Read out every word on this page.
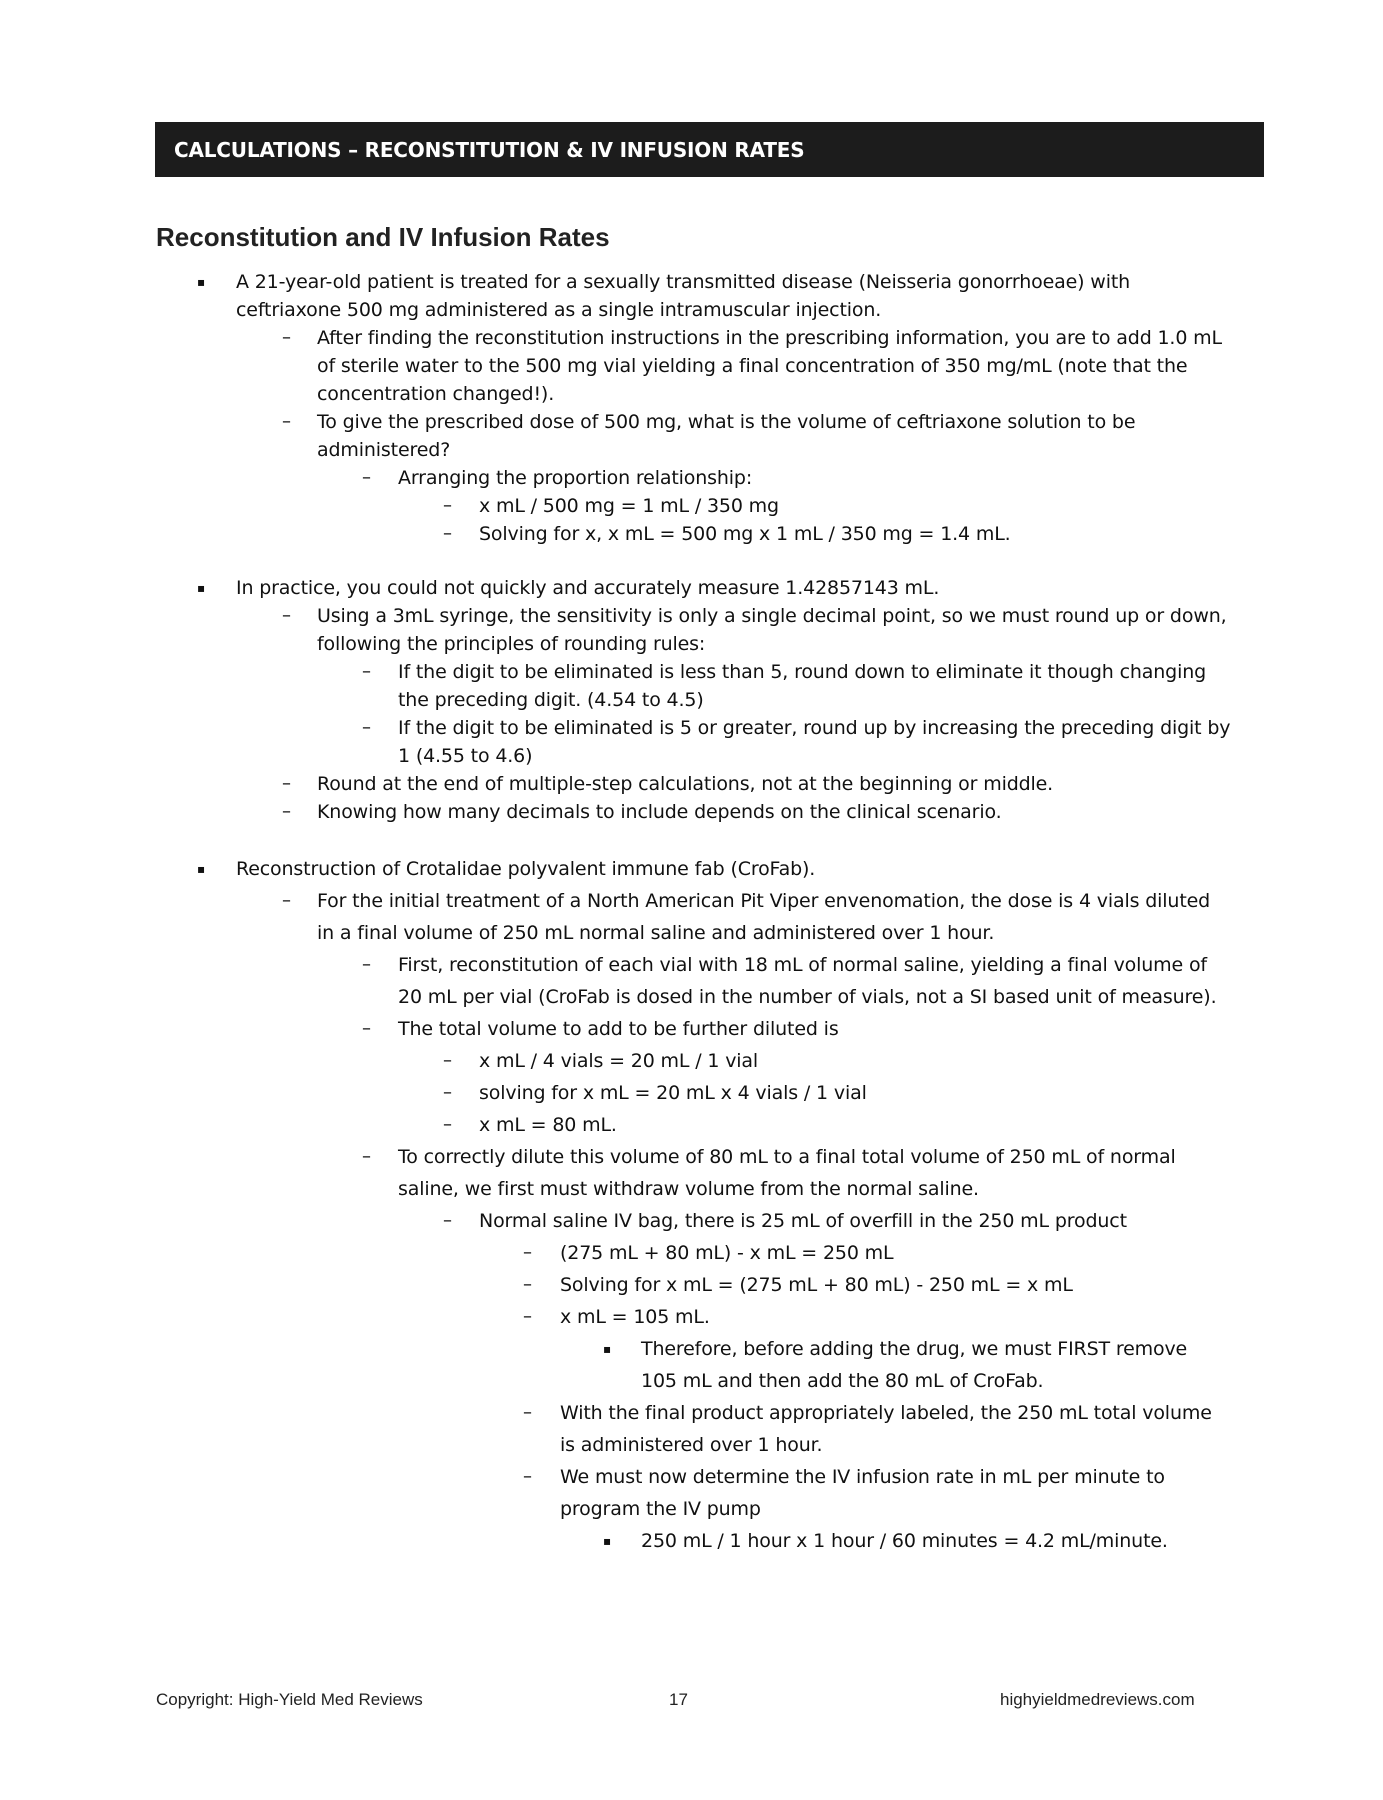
CALCULATIONS – RECONSTITUTION & IV INFUSION RATES
Reconstitution and IV Infusion Rates
▪ A 21-year-old patient is treated for a sexually transmitted disease (Neisseria gonorrhoeae) with
ceftriaxone 500 mg administered as a single intramuscular injection.
– After finding the reconstitution instructions in the prescribing information, you are to add 1.0 mL
of sterile water to the 500 mg vial yielding a final concentration of 350 mg/mL (note that the
concentration changed!).
– To give the prescribed dose of 500 mg, what is the volume of ceftriaxone solution to be
administered?
– Arranging the proportion relationship:
– x mL / 500 mg = 1 mL / 350 mg
– Solving for x, x mL = 500 mg x 1 mL / 350 mg = 1.4 mL.
▪ In practice, you could not quickly and accurately measure 1.42857143 mL.
– Using a 3mL syringe, the sensitivity is only a single decimal point, so we must round up or down,
following the principles of rounding rules:
– If the digit to be eliminated is less than 5, round down to eliminate it though changing
the preceding digit. (4.54 to 4.5)
– If the digit to be eliminated is 5 or greater, round up by increasing the preceding digit by
1 (4.55 to 4.6)
– Round at the end of multiple-step calculations, not at the beginning or middle.
– Knowing how many decimals to include depends on the clinical scenario.
▪ Reconstruction of Crotalidae polyvalent immune fab (CroFab).
– For the initial treatment of a North American Pit Viper envenomation, the dose is 4 vials diluted
in a final volume of 250 mL normal saline and administered over 1 hour.
– First, reconstitution of each vial with 18 mL of normal saline, yielding a final volume of
20 mL per vial (CroFab is dosed in the number of vials, not a SI based unit of measure).
– The total volume to add to be further diluted is
– x mL / 4 vials = 20 mL / 1 vial
– solving for x mL = 20 mL x 4 vials / 1 vial
– x mL = 80 mL.
– To correctly dilute this volume of 80 mL to a final total volume of 250 mL of normal
saline, we first must withdraw volume from the normal saline.
– Normal saline IV bag, there is 25 mL of overfill in the 250 mL product
– (275 mL + 80 mL) - x mL = 250 mL
– Solving for x mL = (275 mL + 80 mL) - 250 mL = x mL
– x mL = 105 mL.
▪ Therefore, before adding the drug, we must FIRST remove
105 mL and then add the 80 mL of CroFab.
– With the final product appropriately labeled, the 250 mL total volume
is administered over 1 hour.
– We must now determine the IV infusion rate in mL per minute to
program the IV pump
▪ 250 mL / 1 hour x 1 hour / 60 minutes = 4.2 mL/minute.
Copyright: High-Yield Med Reviews	17	highyieldmedreviews.com
